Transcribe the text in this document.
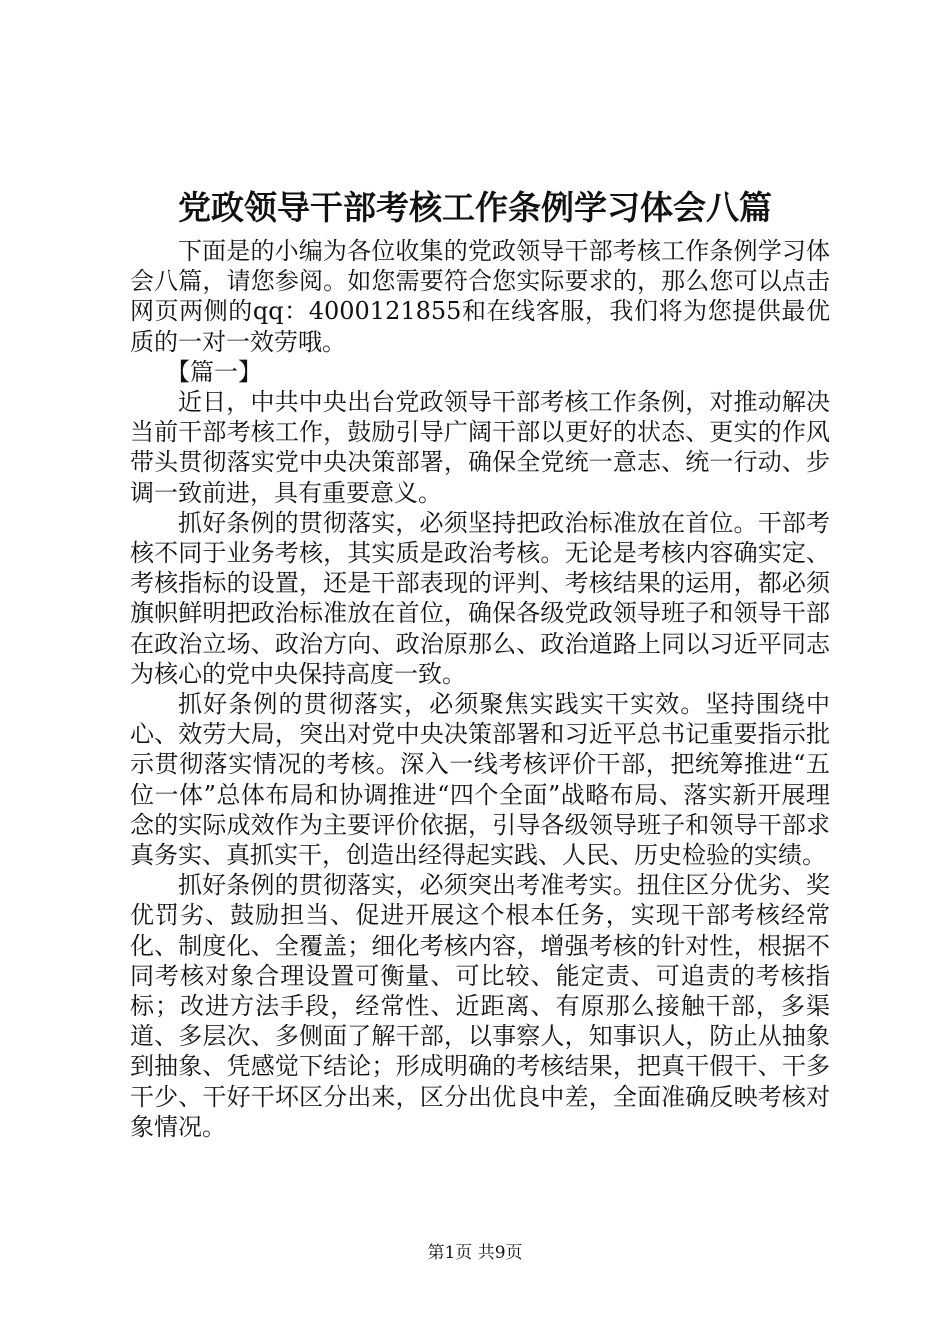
党政领导干部考核工作条例学习体会八篇

下面是的小编为各位收集的党政领导干部考核工作条例学习体会八篇，请您参阅。如您需要符合您实际要求的，那么您可以点击网页两侧的qq：4000121855和在线客服，我们将为您提供最优质的一对一效劳哦。

【篇一】

近日，中共中央出台党政领导干部考核工作条例，对推动解决当前干部考核工作，鼓励引导广阔干部以更好的状态、更实的作风带头贯彻落实党中央决策部署，确保全党统一意志、统一行动、步调一致前进，具有重要意义。

抓好条例的贯彻落实，必须坚持把政治标准放在首位。干部考核不同于业务考核，其实质是政治考核。无论是考核内容确实定、考核指标的设置，还是干部表现的评判、考核结果的运用，都必须旗帜鲜明把政治标准放在首位，确保各级党政领导班子和领导干部在政治立场、政治方向、政治原那么、政治道路上同以习近平同志为核心的党中央保持高度一致。

抓好条例的贯彻落实，必须聚焦实践实干实效。坚持围绕中心、效劳大局，突出对党中央决策部署和习近平总书记重要指示批示贯彻落实情况的考核。深入一线考核评价干部，把统筹推进“五位一体”总体布局和协调推进“四个全面”战略布局、落实新开展理念的实际成效作为主要评价依据，引导各级领导班子和领导干部求真务实、真抓实干，创造出经得起实践、人民、历史检验的实绩。

抓好条例的贯彻落实，必须突出考准考实。扭住区分优劣、奖优罚劣、鼓励担当、促进开展这个根本任务，实现干部考核经常化、制度化、全覆盖；细化考核内容，增强考核的针对性，根据不同考核对象合理设置可衡量、可比较、能定责、可追责的考核指标；改进方法手段，经常性、近距离、有原那么接触干部，多渠道、多层次、多侧面了解干部，以事察人，知事识人，防止从抽象到抽象、凭感觉下结论；形成明确的考核结果，把真干假干、干多干少、干好干坏区分出来，区分出优良中差，全面准确反映考核对象情况。

第1页 共9页
